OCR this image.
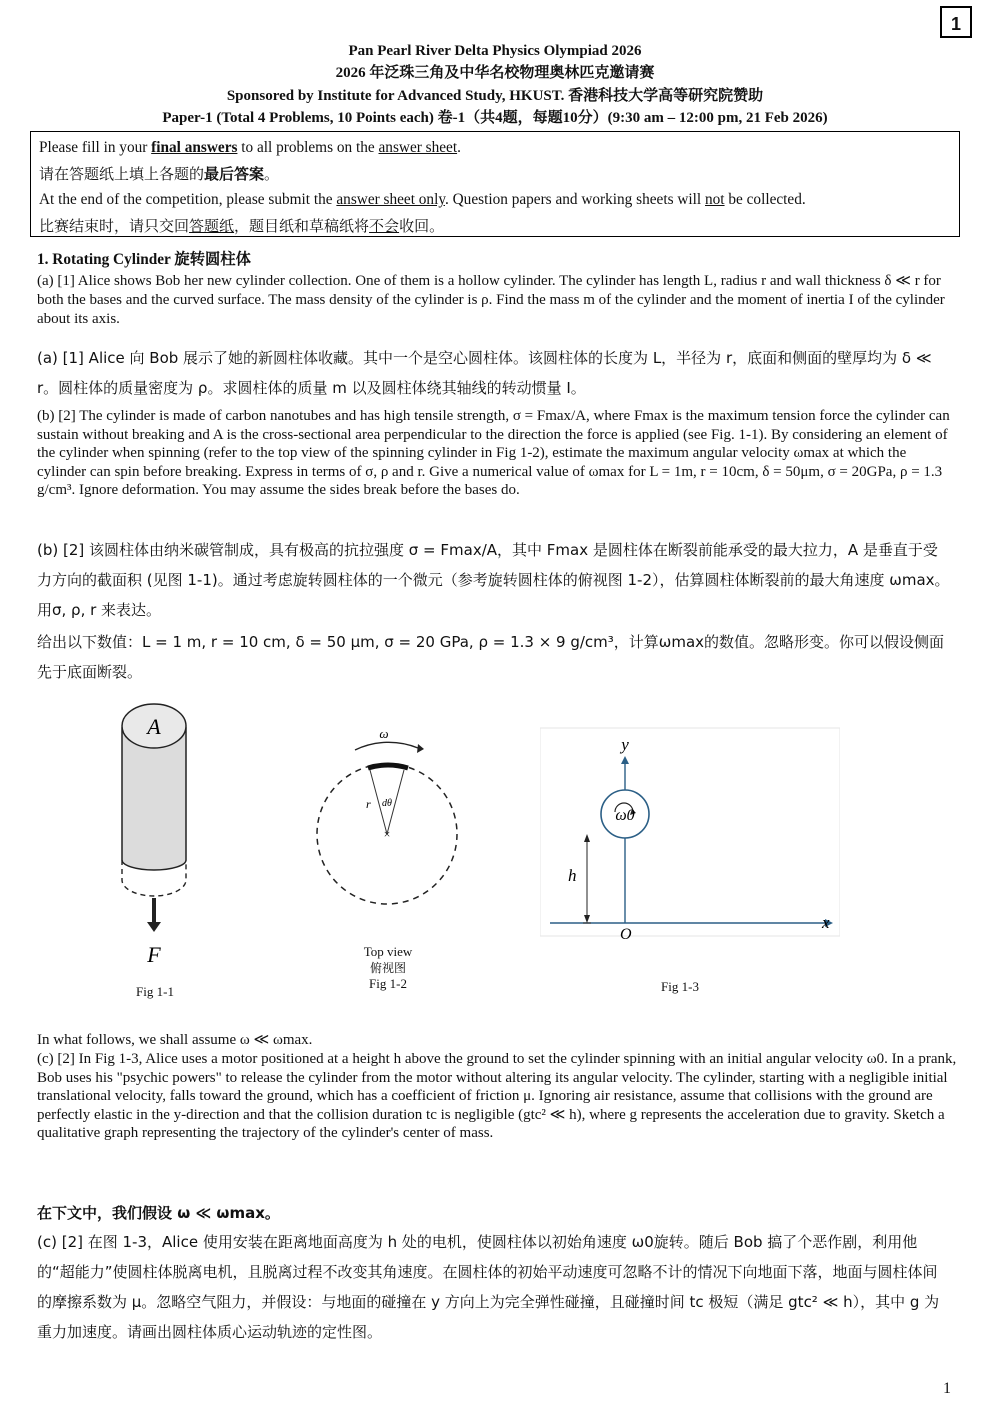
1
Pan Pearl River Delta Physics Olympiad 2026
2026 年泛珠三角及中华名校物理奥林匹克邀请赛
Sponsored by Institute for Advanced Study, HKUST. 香港科技大学高等研究院赞助
Paper-1 (Total 4 Problems, 10 Points each) 卷-1（共4题，每题10分）(9:30 am – 12:00 pm, 21 Feb 2026)
Please fill in your final answers to all problems on the answer sheet.
请在答题纸上填上各题的最后答案。
At the end of the competition, please submit the answer sheet only. Question papers and working sheets will not be collected.
比赛结束时，请只交回答题纸，题目纸和草稿纸将不会收回。
1. Rotating Cylinder 旋转圆柱体
(a) [1] Alice shows Bob her new cylinder collection. One of them is a hollow cylinder. The cylinder has length L, radius r and wall thickness δ ≪ r for both the bases and the curved surface. The mass density of the cylinder is ρ. Find the mass m of the cylinder and the moment of inertia I of the cylinder about its axis.
(a) [1] Alice 向 Bob 展示了她的新圆柱体收藏。其中一个是空心圆柱体。该圆柱体的长度为 L，半径为 r，底面和侧面的壁厚均为 δ ≪ r。圆柱体的质量密度为 ρ。求圆柱体的质量 m 以及圆柱体绕其轴线的转动惯量 I。
(b) [2] The cylinder is made of carbon nanotubes and has high tensile strength, σ = Fmax/A, where Fmax is the maximum tension force the cylinder can sustain without breaking and A is the cross-sectional area perpendicular to the direction the force is applied (see Fig. 1-1). By considering an element of the cylinder when spinning (refer to the top view of the spinning cylinder in Fig 1-2), estimate the maximum angular velocity ωmax at which the cylinder can spin before breaking. Express in terms of σ, ρ and r. Give a numerical value of ωmax for L = 1m, r = 10cm, δ = 50μm, σ = 20GPa, ρ = 1.3 g/cm³. Ignore deformation. You may assume the sides break before the bases do.
(b) [2] 该圆柱体由纳米碳管制成，具有极高的抗拉强度 σ = Fmax/A，其中 Fmax 是圆柱体在断裂前能承受的最大拉力，A 是垂直于受力方向的截面积 (见图 1-1)。通过考虑旋转圆柱体的一个微元（参考旋转圆柱体的俯视图 1-2），估算圆柱体断裂前的最大角速度 ωmax。用σ, ρ, r 来表达。
给出以下数值：L = 1 m, r = 10 cm, δ = 50 μm, σ = 20 GPa, ρ = 1.3 × 9 g/cm³，计算ωmax的数值。忽略形变。你可以假设侧面先于底面断裂。
A
F
Fig 1-1
×
ω
r dθ
Top view
俯视图
Fig 1-2
y
x
h
O
ω0
Fig 1-3
In what follows, we shall assume ω ≪ ωmax.
(c) [2] In Fig 1-3, Alice uses a motor positioned at a height h above the ground to set the cylinder spinning with an initial angular velocity ω0. In a prank, Bob uses his "psychic powers" to release the cylinder from the motor without altering its angular velocity. The cylinder, starting with a negligible initial translational velocity, falls toward the ground, which has a coefficient of friction μ. Ignoring air resistance, assume that collisions with the ground are perfectly elastic in the y-direction and that the collision duration tc is negligible (gtc² ≪ h), where g represents the acceleration due to gravity. Sketch a qualitative graph representing the trajectory of the cylinder's center of mass.
在下文中，我们假设 ω ≪ ωmax。
(c) [2] 在图 1-3，Alice 使用安装在距离地面高度为 h 处的电机，使圆柱体以初始角速度 ω0旋转。随后 Bob 搞了个恶作剧，利用他的“超能力”使圆柱体脱离电机，且脱离过程不改变其角速度。在圆柱体的初始平动速度可忽略不计的情况下向地面下落，地面与圆柱体间的摩擦系数为 μ。忽略空气阻力，并假设：与地面的碰撞在 y 方向上为完全弹性碰撞，且碰撞时间 tc 极短（满足 gtc² ≪ h），其中 g 为重力加速度。请画出圆柱体质心运动轨迹的定性图。
1
